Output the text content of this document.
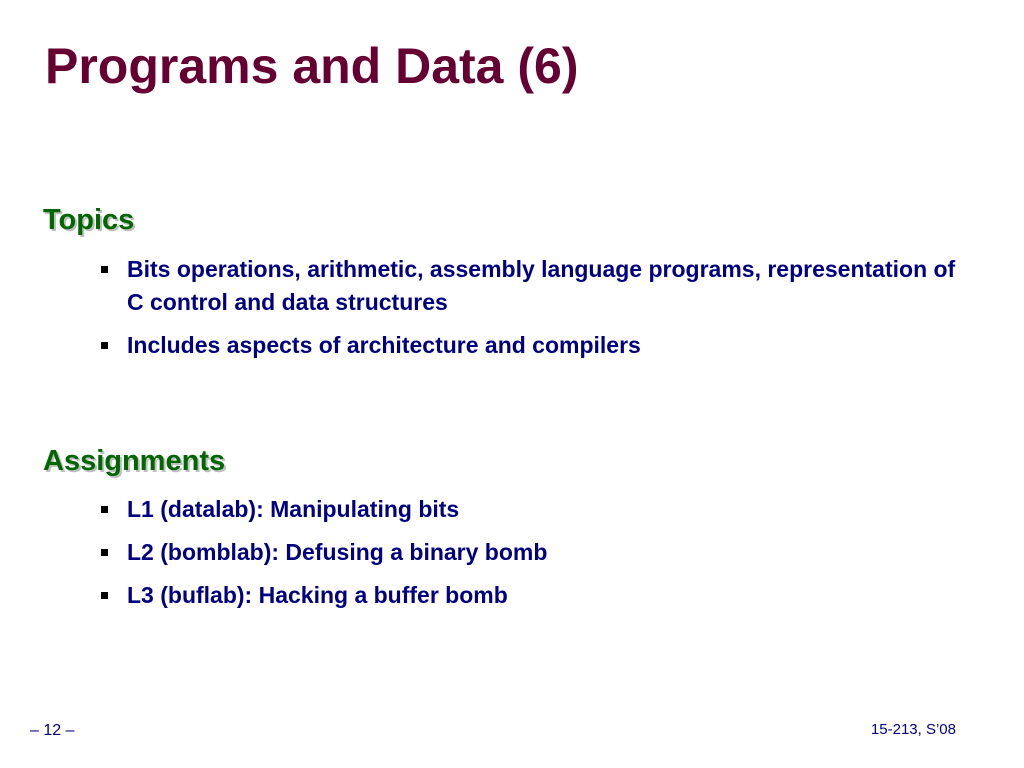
Programs and Data (6)
Topics
Bits operations, arithmetic, assembly language programs, representation of C control and data structures
Includes aspects of architecture and compilers
Assignments
L1 (datalab): Manipulating bits
L2 (bomblab): Defusing a binary bomb
L3 (buflab): Hacking a buffer bomb
– 12 –	15-213, S’08
